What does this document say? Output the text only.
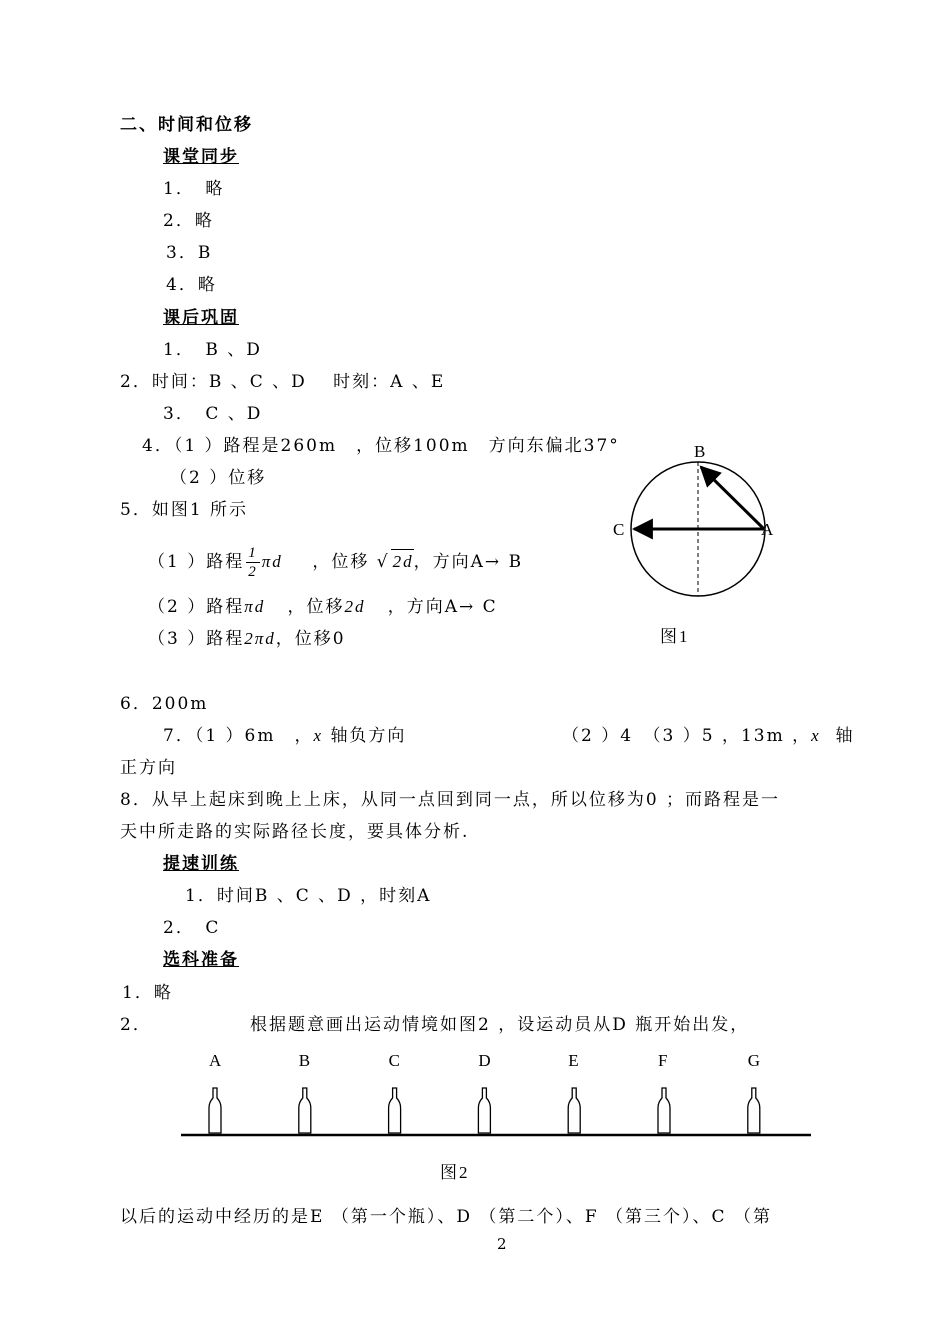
二、时间和位移
课堂同步
1．　略
2．略
3．B
4．略
课后巩固
1．　B 、D
2．时间：B 、C 、D　 时刻：A 、E
3．　C 、D
4．（1 ）路程是260m　，位移100m　方向东偏北37°
（2 ）位移
5．如图1 所示
（1 ）路程 $\frac{1}{2}$ πd ，位移 √ 2d，方向A→ B
（2 ）路程πd ，位移2d ，方向A→ C
（3 ）路程2πd，位移0
B
C	A
图1
6．200m
7．（1 ）6m　，x 轴负方向	（2 ）4　（3 ）5 ，13m ，x 轴
正方向
8．从早上起床到晚上上床，从同一点回到同一点，所以位移为0 ；而路程是一
天中所走路的实际路径长度，要具体分析.
提速训练
1．时间B 、C 、D ，时刻A
2．　C
选科准备
1．略
2．	根据题意画出运动情境如图2 ，设运动员从D 瓶开始出发，
A	B	C	D	E	F	G
图2
以后的运动中经历的是E （第一个瓶）、D （第二个）、F （第三个）、C （第
2
